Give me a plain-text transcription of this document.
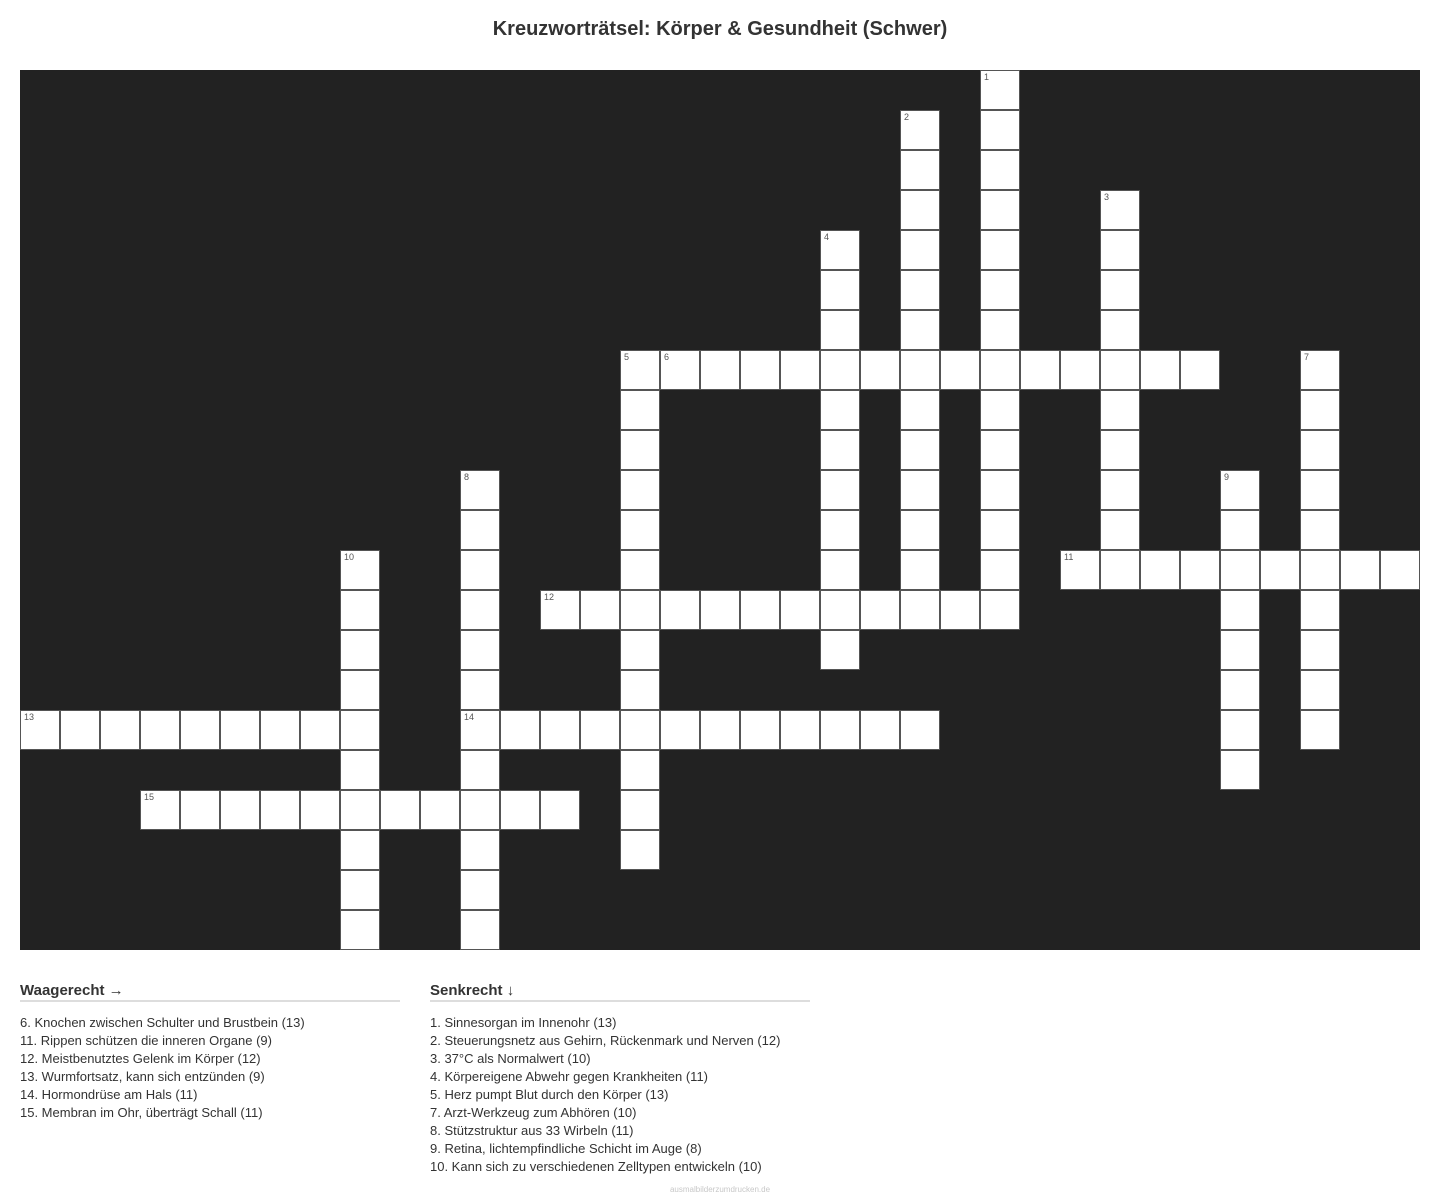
Kreuzworträtsel: Körper & Gesundheit (Schwer)
1
2
3
4
5	6	7
8
14
9
10	11
12
13
15
Waagerecht →
6. Knochen zwischen Schulter und Brustbein (13)
11. Rippen schützen die inneren Organe (9)
12. Meistbenutztes Gelenk im Körper (12)
13. Wurmfortsatz, kann sich entzünden (9)
14. Hormondrüse am Hals (11)
15. Membran im Ohr, überträgt Schall (11)
Senkrecht ↓
1. Sinnesorgan im Innenohr (13)
2. Steuerungsnetz aus Gehirn, Rückenmark und Nerven (12)
3. 37°C als Normalwert (10)
4. Körpereigene Abwehr gegen Krankheiten (11)
5. Herz pumpt Blut durch den Körper (13)
7. Arzt-Werkzeug zum Abhören (10)
8. Stützstruktur aus 33 Wirbeln (11)
9. Retina, lichtempfindliche Schicht im Auge (8)
10. Kann sich zu verschiedenen Zelltypen entwickeln (10)
ausmalbilderzumdrucken.de
